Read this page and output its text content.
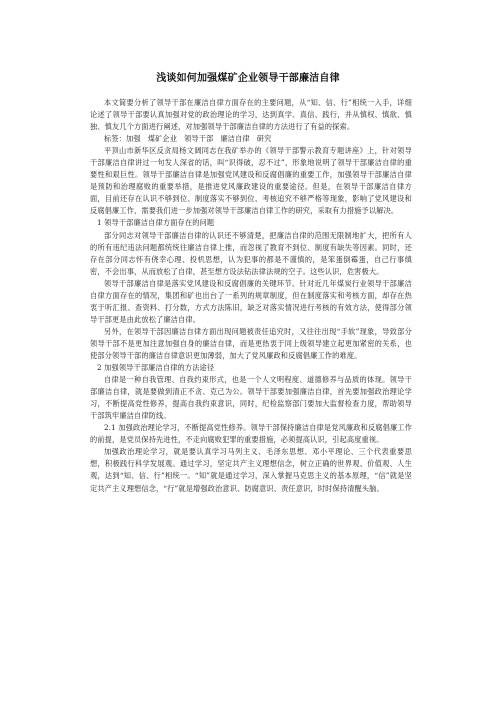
浅谈如何加强煤矿企业领导干部廉洁自律

本文简要分析了领导干部在廉洁自律方面存在的主要问题，从“知、信、行”相统一入手，详细论述了领导干部要认真加强对党的政治理论的学习，达到真学、真信、践行，并从慎权、慎欲、慎独、慎友几个方面进行阐述，对加强领导干部廉洁自律的方法进行了有益的探索。

标签：加强 煤矿企业 领导干部 廉洁自律 研究

平顶山市新华区反贪局杨文阔同志在我矿举办的《领导干部警示教育专题讲座》上，针对领导干部廉洁自律讲过一句发人深省的话，叫“识得破，忍不过”，形象地说明了领导干部廉洁自律的重要性和艰巨性。领导干部廉洁自律是加强党风建设和反腐倡廉的重要工作，加强领导干部廉洁自律是预防和治理腐败的重要举措，是推进党风廉政建设的重要途径。但是，在领导干部廉洁自律方面，目前还存在认识不够到位、制度落实不够到位、考核追究不够严格等现象，影响了党风建设和反腐倡廉工作，需要我们进一步加强对领导干部廉洁自律工作的研究，采取有力措施予以解决。

1 领导干部廉洁自律方面存在的问题

部分同志对领导干部廉洁自律的认识还不够清楚，把廉洁自律的范围无限制地扩大，把所有人的所有违纪违法问题都统统往廉洁自律上推，而忽视了教育不到位、制度有缺失等因素。同时，还存在部分同志怀有侥幸心理、投机思想，认为犯事的都是不谨慎的，是笨蛋倒霉蛋，自己行事缜密，不会出事，从而放松了自律，甚至想方设法钻法律法规的空子。这些认识，危害极大。

领导干部廉洁自律是落实党风建设和反腐倡廉的关键环节。针对近几年煤炭行业领导干部廉洁自律方面存在的情况，集团和矿也出台了一系列的规章制度，但在制度落实和考核方面，却存在热衷于听汇报、查资料、打分数，方式方法陈旧，缺乏对落实情况进行考核的有效方法，使得部分领导干部更是由此放松了廉洁自律。

另外，在领导干部因廉洁自律方面出现问题被责任追究时，又往往出现“手软”现象，导致部分领导干部不是更加注意加强自身的廉洁自律，而是更热衷于同上级领导建立起更加紧密的关系，也使部分领导干部的廉洁自律意识更加薄弱，加大了党风廉政和反腐倡廉工作的难度。

2 加强领导干部廉洁自律的方法途径

自律是一种自我管理、自我约束形式，也是一个人文明程度、道德修养与品质的体现。领导干部廉洁自律，就是要做到清正不贪、克己为公。领导干部要加强廉洁自律，首先要加强政治理论学习，不断提高党性修养，提高自我约束意识，同时，纪检监察部门要加大监督检查力度，帮助领导干部筑牢廉洁自律防线。

2.1 加强政治理论学习，不断提高党性修养。领导干部保持廉洁自律是党风廉政和反腐倡廉工作的前提，是党员保持先进性，不走向腐败犯罪的重要措施，必须提高认识，引起高度重视。

加强政治理论学习，就是要认真学习马列主义、毛泽东思想、邓小平理论、三个代表重要思想，积极践行科学发展观。通过学习，坚定共产主义理想信念，树立正确的世界观、价值观、人生观，达到“知、信、行”相统一。“知”就是通过学习，深入掌握马克思主义的基本原理，“信”就是坚定共产主义理想信念，“行”就是增强政治意识、防腐意识、责任意识，时时保持清醒头脑。
